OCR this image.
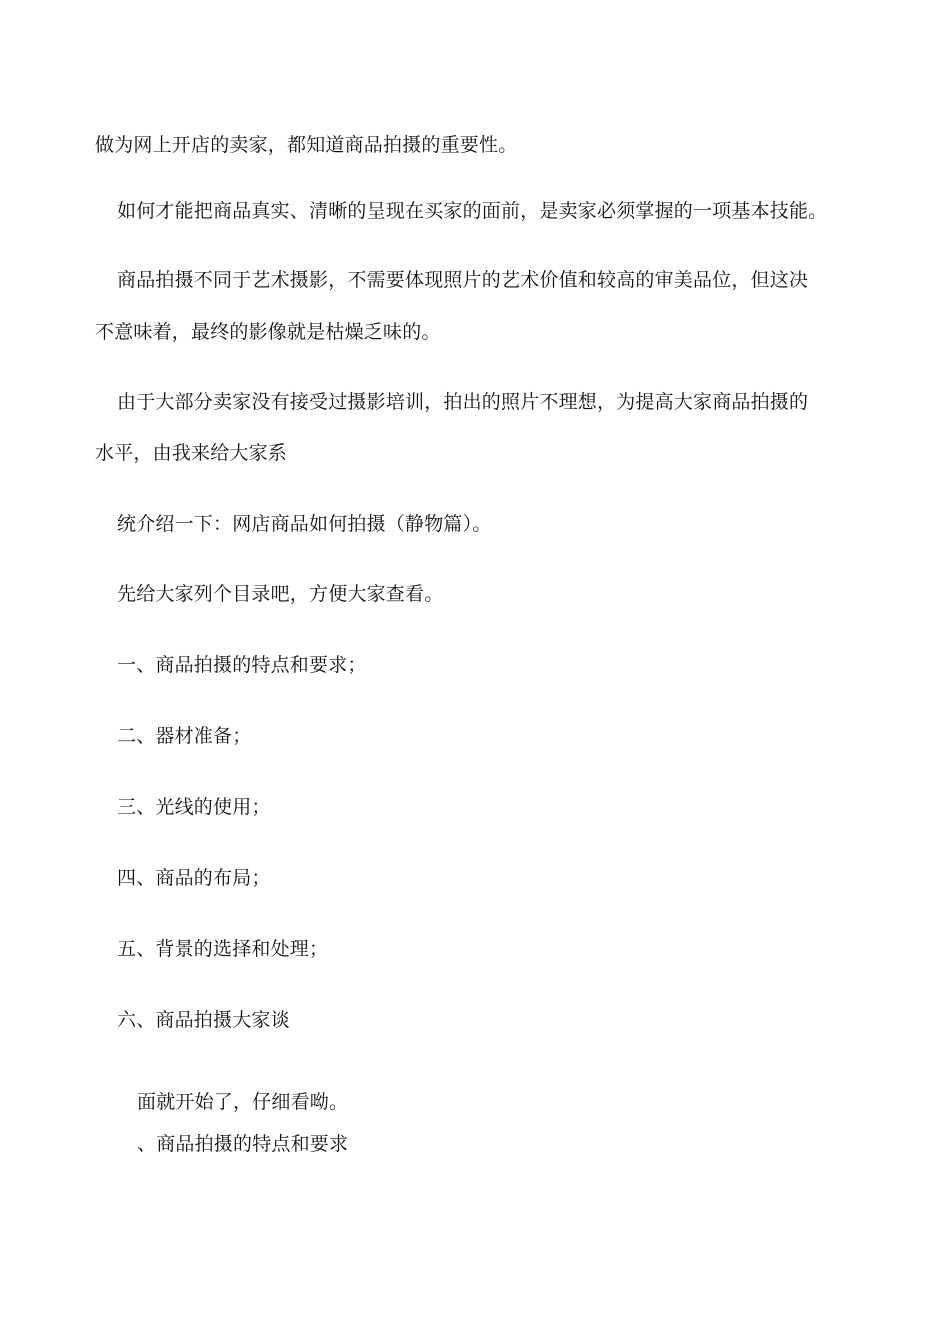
做为网上开店的卖家，都知道商品拍摄的重要性。
如何才能把商品真实、清晰的呈现在买家的面前，是卖家必须掌握的一项基本技能。
商品拍摄不同于艺术摄影，不需要体现照片的艺术价值和较高的审美品位，但这决
不意味着，最终的影像就是枯燥乏味的。
由于大部分卖家没有接受过摄影培训，拍出的照片不理想，为提高大家商品拍摄的
水平，由我来给大家系
统介绍一下：网店商品如何拍摄（静物篇）。
先给大家列个目录吧，方便大家查看。
一、商品拍摄的特点和要求；
二、器材准备；
三、光线的使用；
四、商品的布局；
五、背景的选择和处理；
六、商品拍摄大家谈
面就开始了，仔细看呦。
、商品拍摄的特点和要求
